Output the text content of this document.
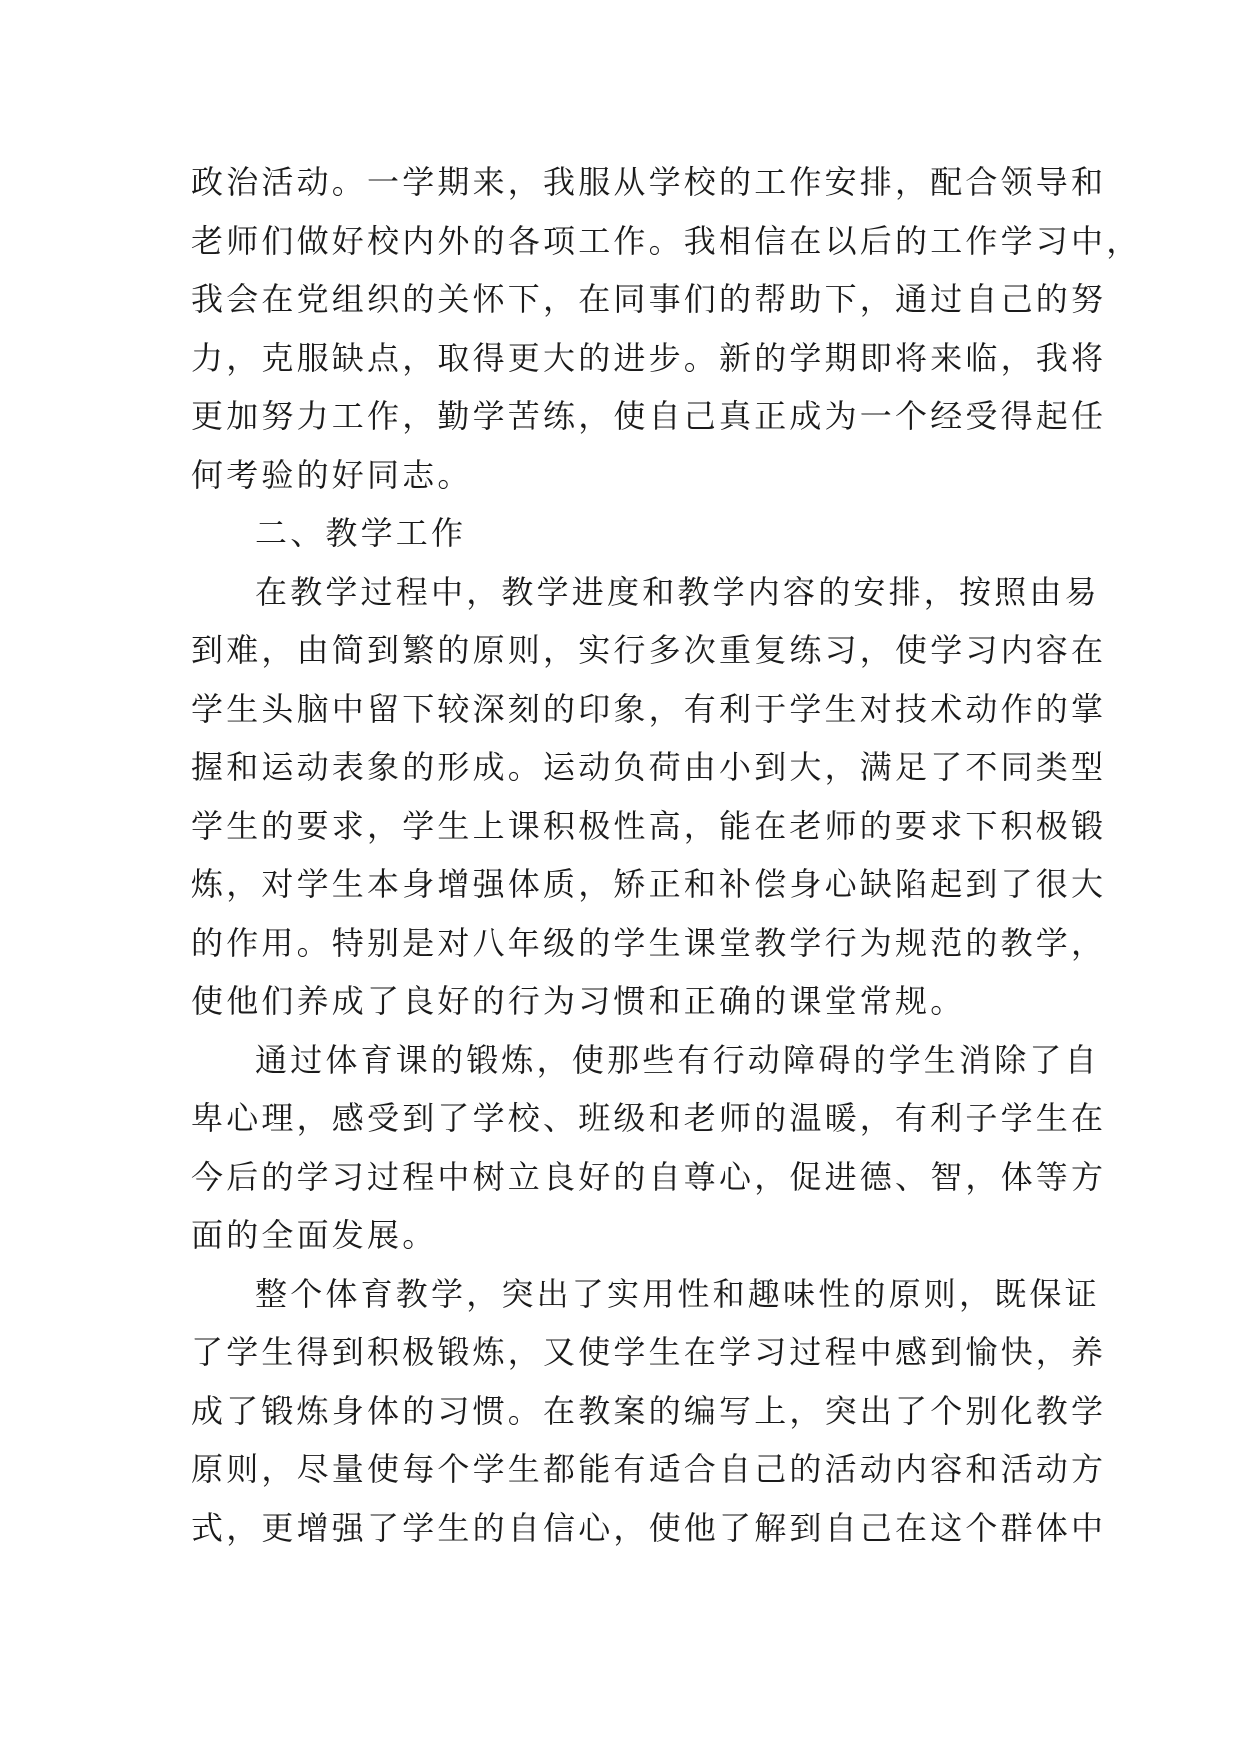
政治活动。一学期来，我服从学校的工作安排，配合领导和
老师们做好校内外的各项工作。我相信在以后的工作学习中，
我会在党组织的关怀下，在同事们的帮助下，通过自己的努
力，克服缺点，取得更大的进步。新的学期即将来临，我将
更加努力工作，勤学苦练，使自己真正成为一个经受得起任
何考验的好同志。
二、教学工作
在教学过程中，教学进度和教学内容的安排，按照由易
到难，由简到繁的原则，实行多次重复练习，使学习内容在
学生头脑中留下较深刻的印象，有利于学生对技术动作的掌
握和运动表象的形成。运动负荷由小到大，满足了不同类型
学生的要求，学生上课积极性高，能在老师的要求下积极锻
炼，对学生本身增强体质，矫正和补偿身心缺陷起到了很大
的作用。特别是对八年级的学生课堂教学行为规范的教学，
使他们养成了良好的行为习惯和正确的课堂常规。
通过体育课的锻炼，使那些有行动障碍的学生消除了自
卑心理，感受到了学校、班级和老师的温暖，有利子学生在
今后的学习过程中树立良好的自尊心，促进德、智，体等方
面的全面发展。
整个体育教学，突出了实用性和趣味性的原则，既保证
了学生得到积极锻炼，又使学生在学习过程中感到愉快，养
成了锻炼身体的习惯。在教案的编写上，突出了个别化教学
原则，尽量使每个学生都能有适合自己的活动内容和活动方
式，更增强了学生的自信心，使他了解到自己在这个群体中
